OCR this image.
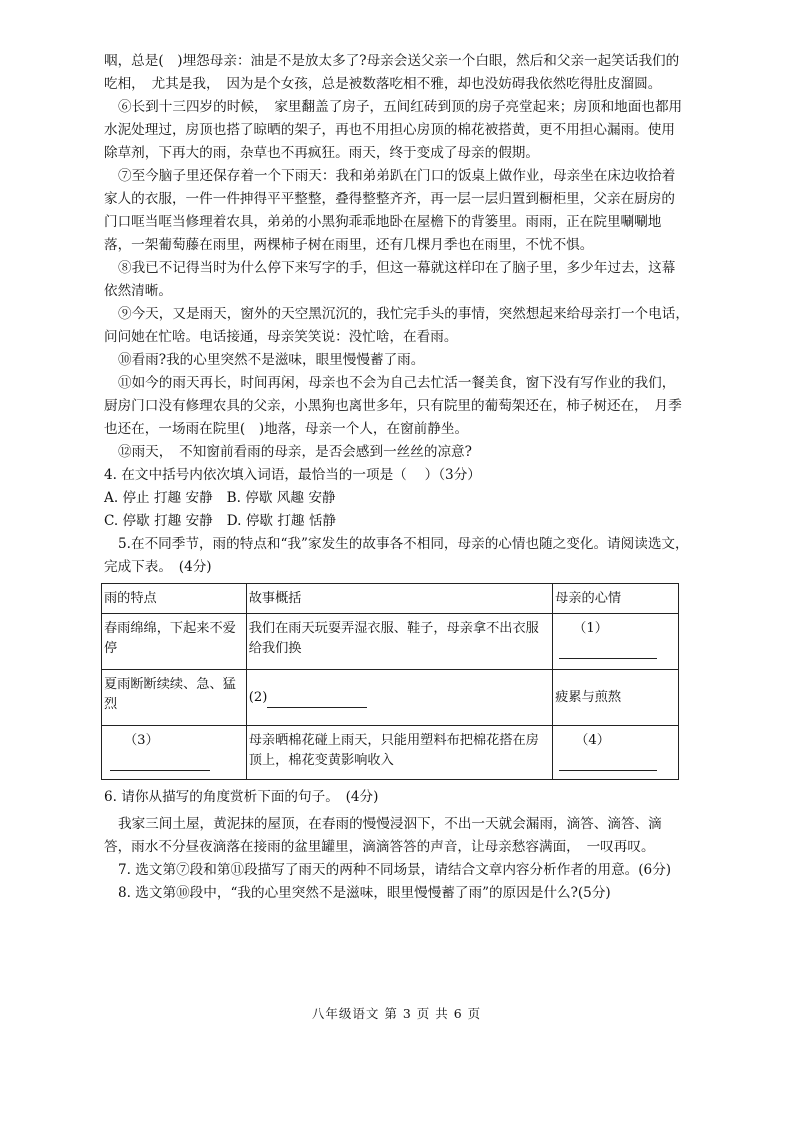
咽，总是(　)埋怨母亲：油是不是放太多了?母亲会送父亲一个白眼，然后和父亲一起笑话我们的吃相，　尤其是我，　因为是个女孩，总是被数落吃相不雅，却也没妨碍我依然吃得肚皮溜圆。

⑥长到十三四岁的时候，　家里翻盖了房子，五间红砖到顶的房子亮堂起来；房顶和地面也都用水泥处理过，房顶也搭了晾晒的架子，再也不用担心房顶的棉花被搭黄，更不用担心漏雨。使用除草剂，下再大的雨，杂草也不再疯狂。雨天，终于变成了母亲的假期。

⑦至今脑子里还保存着一个下雨天：我和弟弟趴在门口的饭桌上做作业，母亲坐在床边收拾着家人的衣服，一件一件抻得平平整整，叠得整整齐齐，再一层一层归置到橱柜里，父亲在厨房的门口哐当哐当修理着农具，弟弟的小黑狗乖乖地卧在屋檐下的背篓里。雨雨，正在院里唰唰地落，一架葡萄藤在雨里，两棵柿子树在雨里，还有几棵月季也在雨里，不忧不惧。

⑧我已不记得当时为什么停下来写字的手，但这一幕就这样印在了脑子里，多少年过去，这幕依然清晰。

⑨今天，又是雨天，窗外的天空黑沉沉的，我忙完手头的事情，突然想起来给母亲打一个电话，　问问她在忙啥。电话接通，母亲笑笑说：没忙啥，在看雨。

⑩看雨?我的心里突然不是滋味，眼里慢慢蓄了雨。

⑪如今的雨天再长，时间再闲，母亲也不会为自己去忙活一餐美食，窗下没有写作业的我们，厨房门口没有修理农具的父亲，小黑狗也离世多年，只有院里的葡萄架还在，柿子树还在，　月季也还在，一场雨在院里(　)地落，母亲一个人，在窗前静坐。

⑫雨天，　不知窗前看雨的母亲，是否会感到一丝丝的凉意?

4. 在文中括号内依次填入词语，最恰当的一项是（　 ）（3分）

A. 停止 打趣 安静 B. 停歇 风趣 安静
C. 停歇 打趣 安静 D. 停歇 打趣 恬静

5.在不同季节，雨的特点和“我”家发生的故事各不相同，母亲的心情也随之变化。请阅读选文，　完成下表。　(4分)

雨的特点	故事概括	母亲的心情
春雨绵绵，下起来不爱停	我们在雨天玩耍弄湿衣服、鞋子，母亲拿不出衣服给我们换	（1）

夏雨断断续续、急、猛烈	(2)	疲累与煎熬
（3）	母亲晒棉花碰上雨天，只能用塑料布把棉花搭在房顶上，棉花变黄影响收入	（4）

6. 请你从描写的角度赏析下面的句子。　(4分)

我家三间土屋，黄泥抹的屋顶，在春雨的慢慢浸泅下，不出一天就会漏雨，滴答、滴答、滴答，雨水不分昼夜滴落在接雨的盆里罐里，滴滴答答的声音，让母亲愁容满面，　一叹再叹。

7. 选文第⑦段和第⑪段描写了雨天的两种不同场景，请结合文章内容分析作者的用意。(6分)

8. 选文第⑩段中，“我的心里突然不是滋味，眼里慢慢蓄了雨”的原因是什么?(5分)

八年级语文 第 3 页 共 6 页
